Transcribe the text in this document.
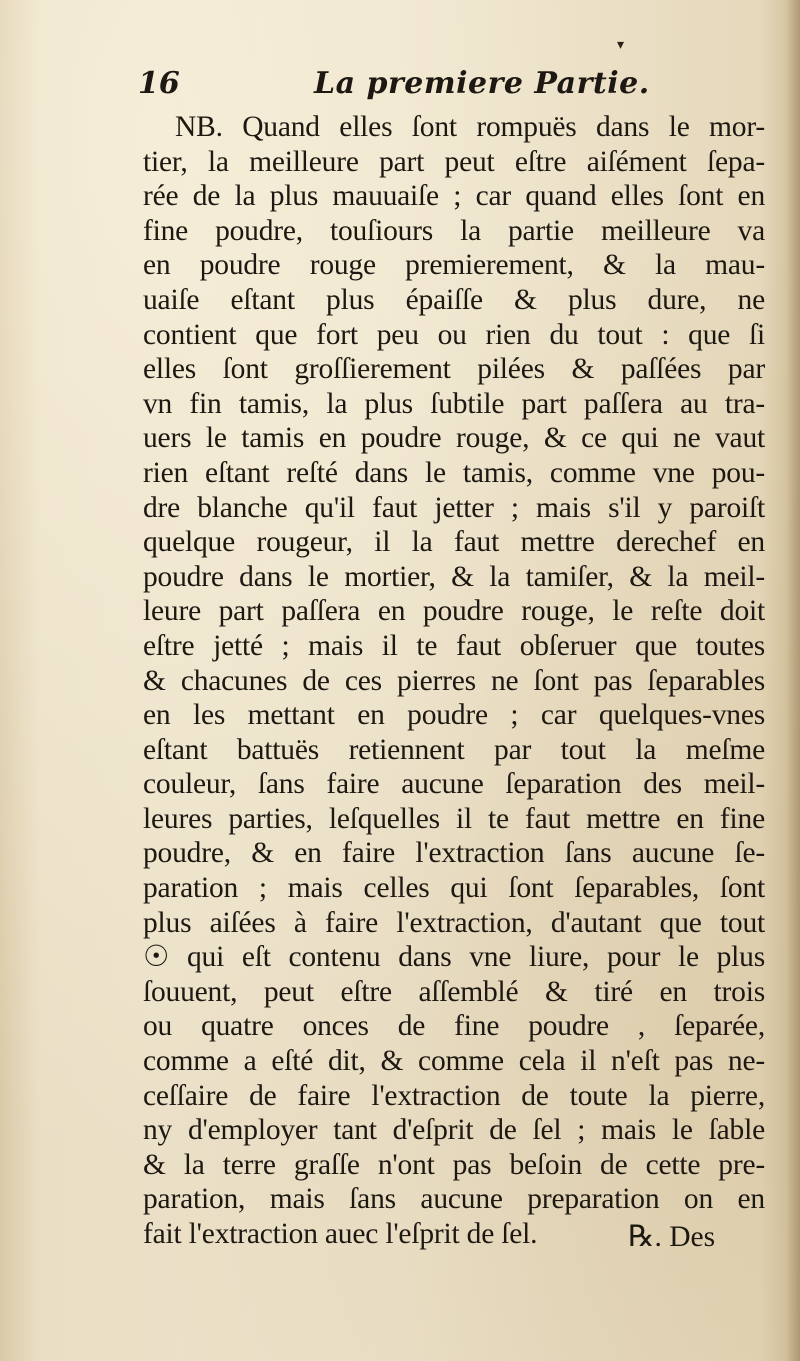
▾
16	La premiere Partie.
NB. Quand elles ſont rompuës dans le mor-
tier, la meilleure part peut eſtre aiſément ſepa-
rée de la plus mauuaiſe ; car quand elles ſont en
fine poudre, touſiours la partie meilleure va
en poudre rouge premierement, & la mau-
uaiſe eſtant plus épaiſſe & plus dure, ne
contient que fort peu ou rien du tout : que ſi
elles ſont groſſierement pilées & paſſées par
vn fin tamis, la plus ſubtile part paſſera au tra-
uers le tamis en poudre rouge, & ce qui ne vaut
rien eſtant reſté dans le tamis, comme vne pou-
dre blanche qu'il faut jetter ; mais s'il y paroiſt
quelque rougeur, il la faut mettre derechef en
poudre dans le mortier, & la tamiſer, & la meil-
leure part paſſera en poudre rouge, le reſte doit
eſtre jetté ; mais il te faut obſeruer que toutes
& chacunes de ces pierres ne ſont pas ſeparables
en les mettant en poudre ; car quelques-vnes
eſtant battuës retiennent par tout la meſme
couleur, ſans faire aucune ſeparation des meil-
leures parties, leſquelles il te faut mettre en fine
poudre, & en faire l'extraction ſans aucune ſe-
paration ; mais celles qui ſont ſeparables, ſont
plus aiſées à faire l'extraction, d'autant que tout
☉ qui eſt contenu dans vne liure, pour le plus
ſouuent, peut eſtre aſſemblé & tiré en trois
ou quatre onces de fine poudre , ſeparée,
comme a eſté dit, & comme cela il n'eſt pas ne-
ceſſaire de faire l'extraction de toute la pierre,
ny d'employer tant d'eſprit de ſel ; mais le ſable
& la terre graſſe n'ont pas beſoin de cette pre-
paration, mais ſans aucune preparation on en
fait l'extraction auec l'eſprit de ſel.	℞. Des
